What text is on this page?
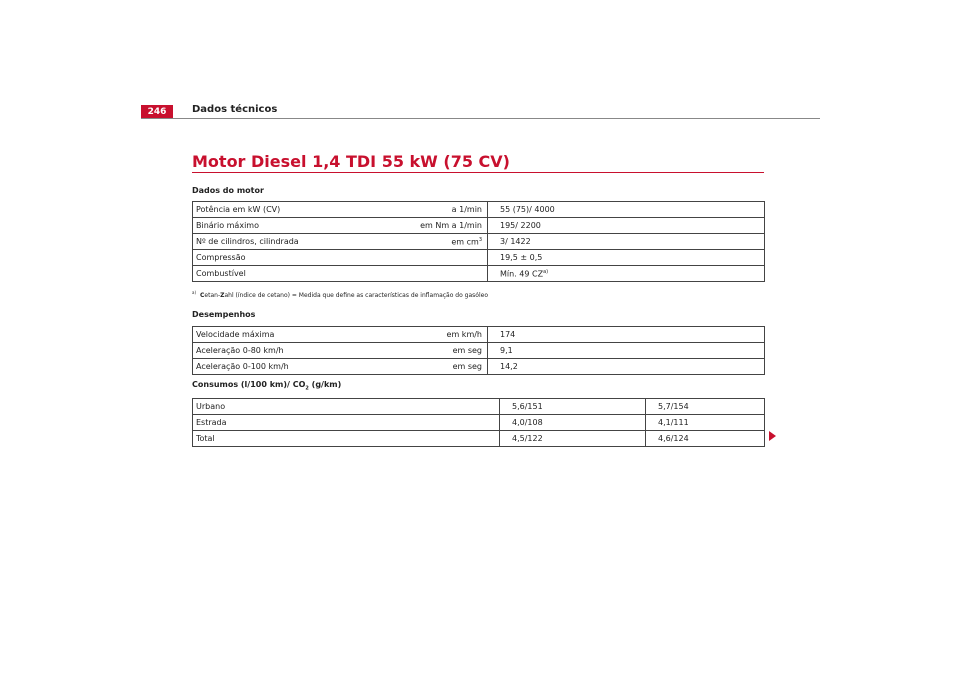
246	Dados técnicos
Motor Diesel 1,4 TDI 55 kW (75 CV)
Dados do motor
Potência em kW (CV)	a 1/min	55 (75)/ 4000
Binário máximo	em Nm a 1/min	195/ 2200
Nº de cilindros, cilindrada	em $cm^3$	3/ 1422
Compressão		19,5 ± 0,5
Combustível		Mín. 49 CZ$^{a)}$
$^{a)}$ Cetan-Zahl (índice de cetano) = Medida que define as características de inflamação do gasóleo
Desempenhos
Velocidade máxima	em km/h	174
Aceleração 0-80 km/h	em seg	9,1
Aceleração 0-100 km/h	em seg	14,2
Consumos (l/100 km)/ $CO_2$ (g/km)
Urbano	5,6/151	5,7/154
Estrada	4,0/108	4,1/111
Total	4,5/122	4,6/124
